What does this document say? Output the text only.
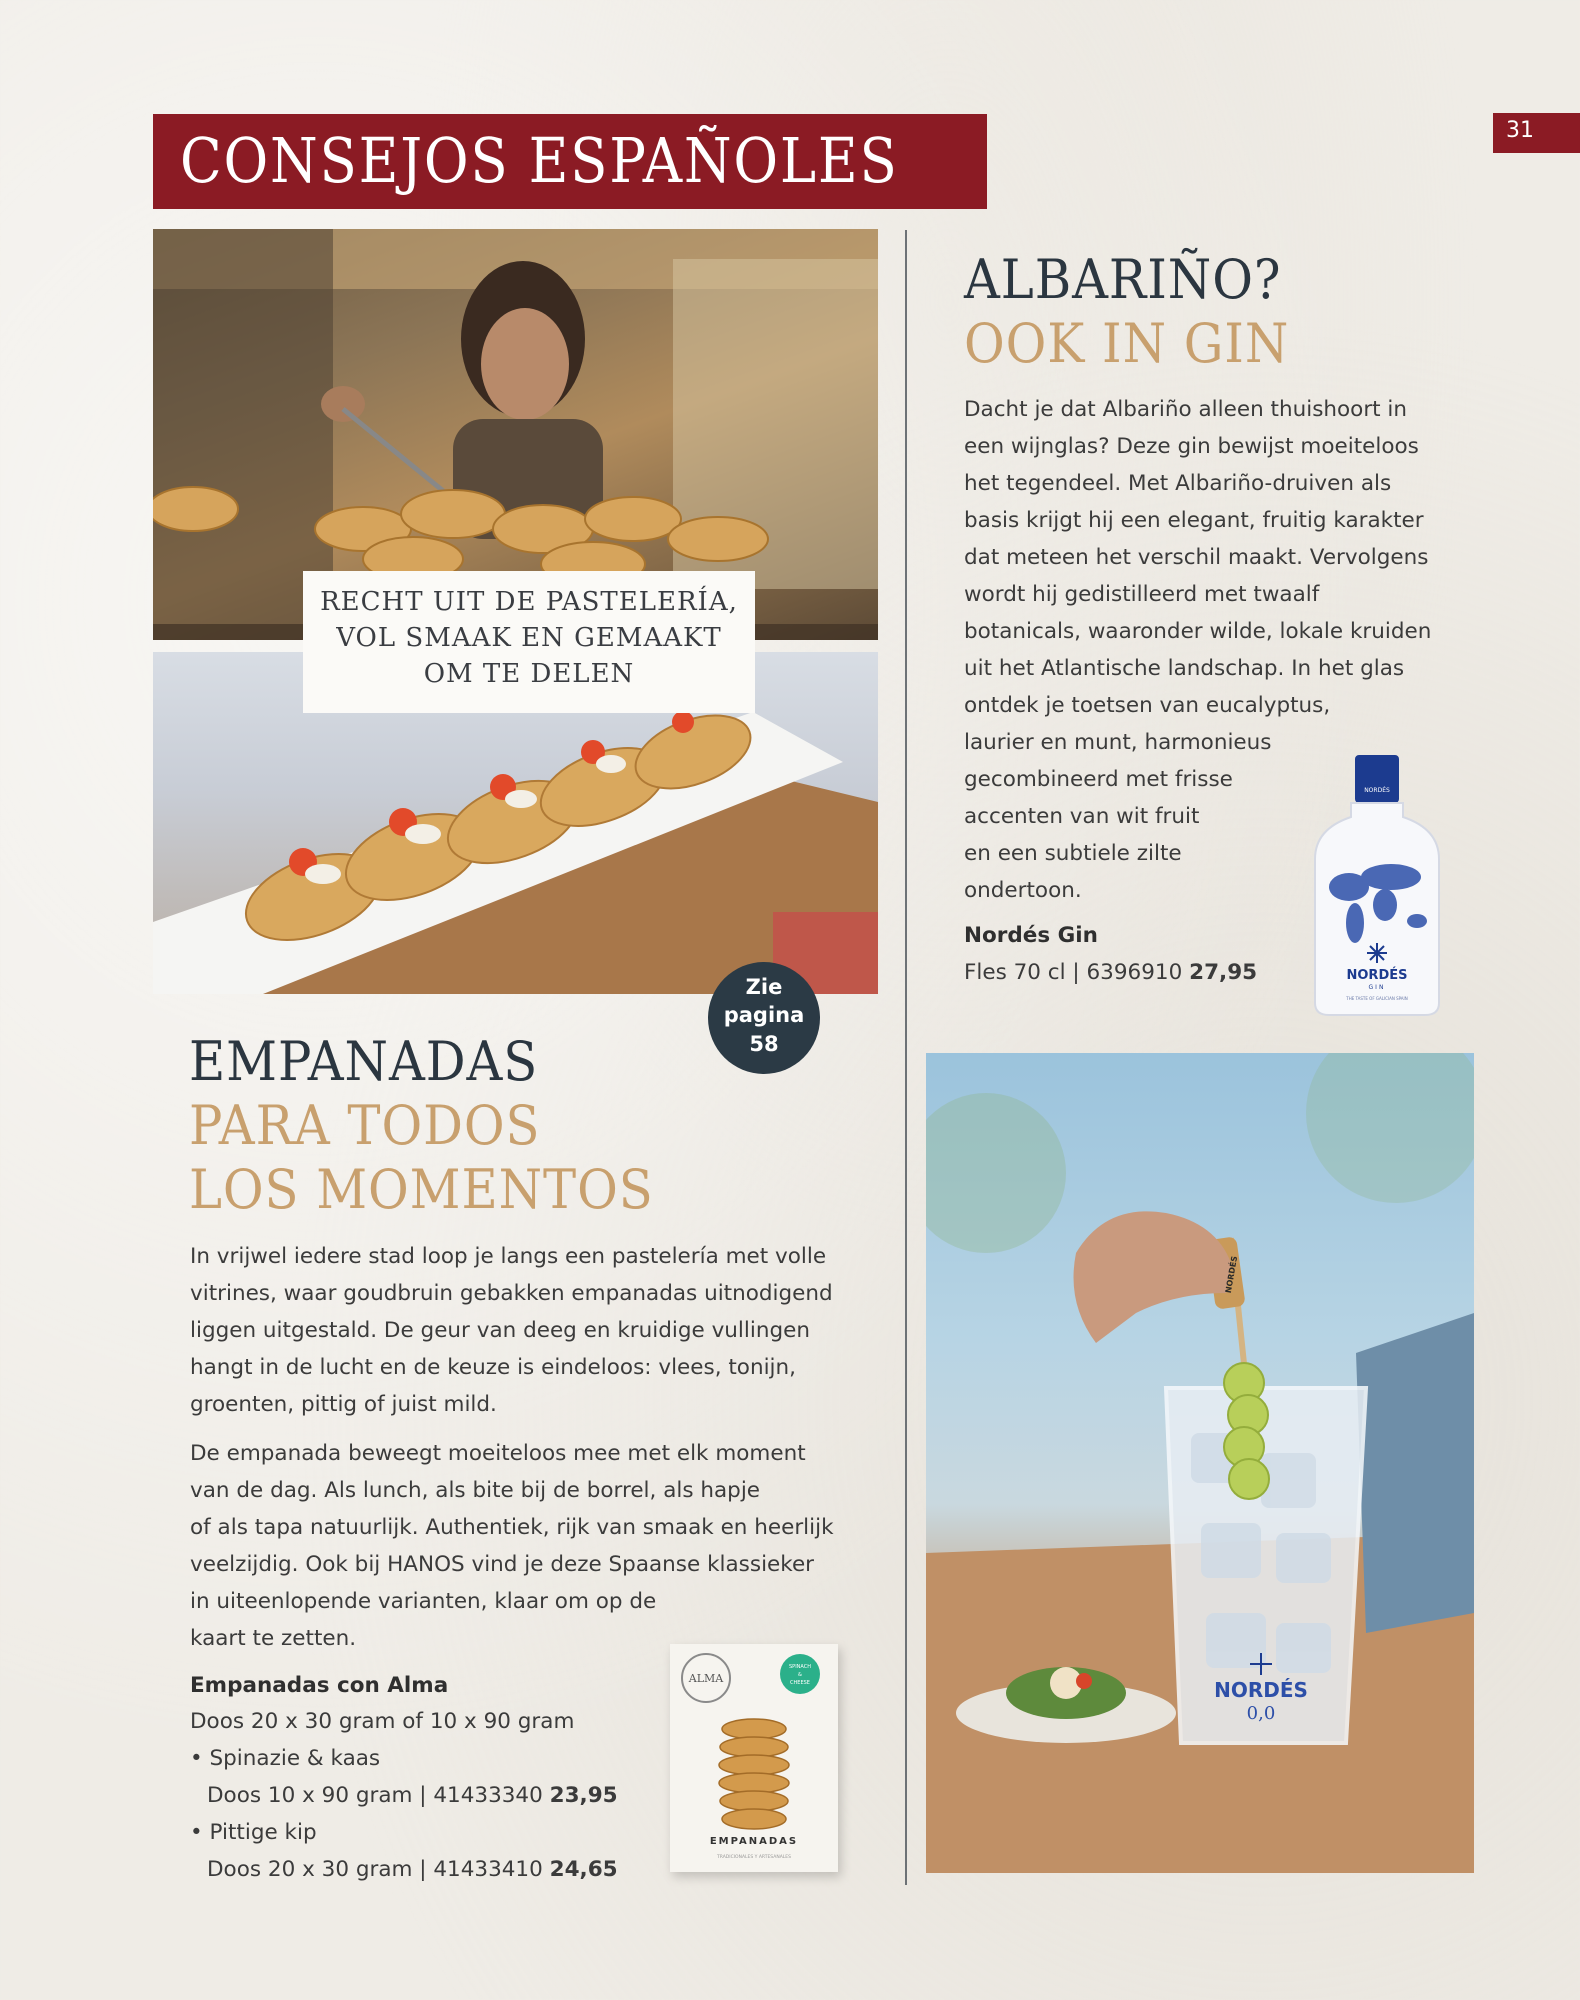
CONSEJOS ESPAÑOLES	31
RECHT UIT DE PASTELERÍA,
VOL SMAAK EN GEMAAKT
OM TE DELEN
Zie
pagina
58
EMPANADAS
PARA TODOS
LOS MOMENTOS
In vrijwel iedere stad loop je langs een pastelería met volle
vitrines, waar goudbruin gebakken empanadas uitnodigend
liggen uitgestald. De geur van deeg en kruidige vullingen
hangt in de lucht en de keuze is eindeloos: vlees, tonijn,
groenten, pittig of juist mild.
De empanada beweegt moeiteloos mee met elk moment
van de dag. Als lunch, als bite bij de borrel, als hapje
of als tapa natuurlijk. Authentiek, rijk van smaak en heerlijk
veelzijdig. Ook bij HANOS vind je deze Spaanse klassieker
in uiteenlopende varianten, klaar om op de
kaart te zetten.
Empanadas con Alma
Doos 20 x 30 gram of 10 x 90 gram
• Spinazie & kaas
Doos 10 x 90 gram | 41433340 23,95
• Pittige kip
Doos 20 x 30 gram | 41433410 24,65
ALMA
SPINACH
&
CHEESE
EMPANADAS
TRADICIONALES Y ARTESANALES
ALBARIÑO?
OOK IN GIN
Dacht je dat Albariño alleen thuishoort in
een wijnglas? Deze gin bewijst moeiteloos
het tegendeel. Met Albariño-druiven als
basis krijgt hij een elegant, fruitig karakter
dat meteen het verschil maakt. Vervolgens
wordt hij gedistilleerd met twaalf
botanicals, waaronder wilde, lokale kruiden
uit het Atlantische landschap. In het glas
ontdek je toetsen van eucalyptus,
laurier en munt, harmonieus
gecombineerd met frisse
accenten van wit fruit
en een subtiele zilte
ondertoon.
Nordés Gin
Fles 70 cl | 6396910 27,95
NORDÉS
NORDÉS
GIN
THE TASTE OF GALICIAN SPAIN
NORDÉS
NORDÉS
0,0
